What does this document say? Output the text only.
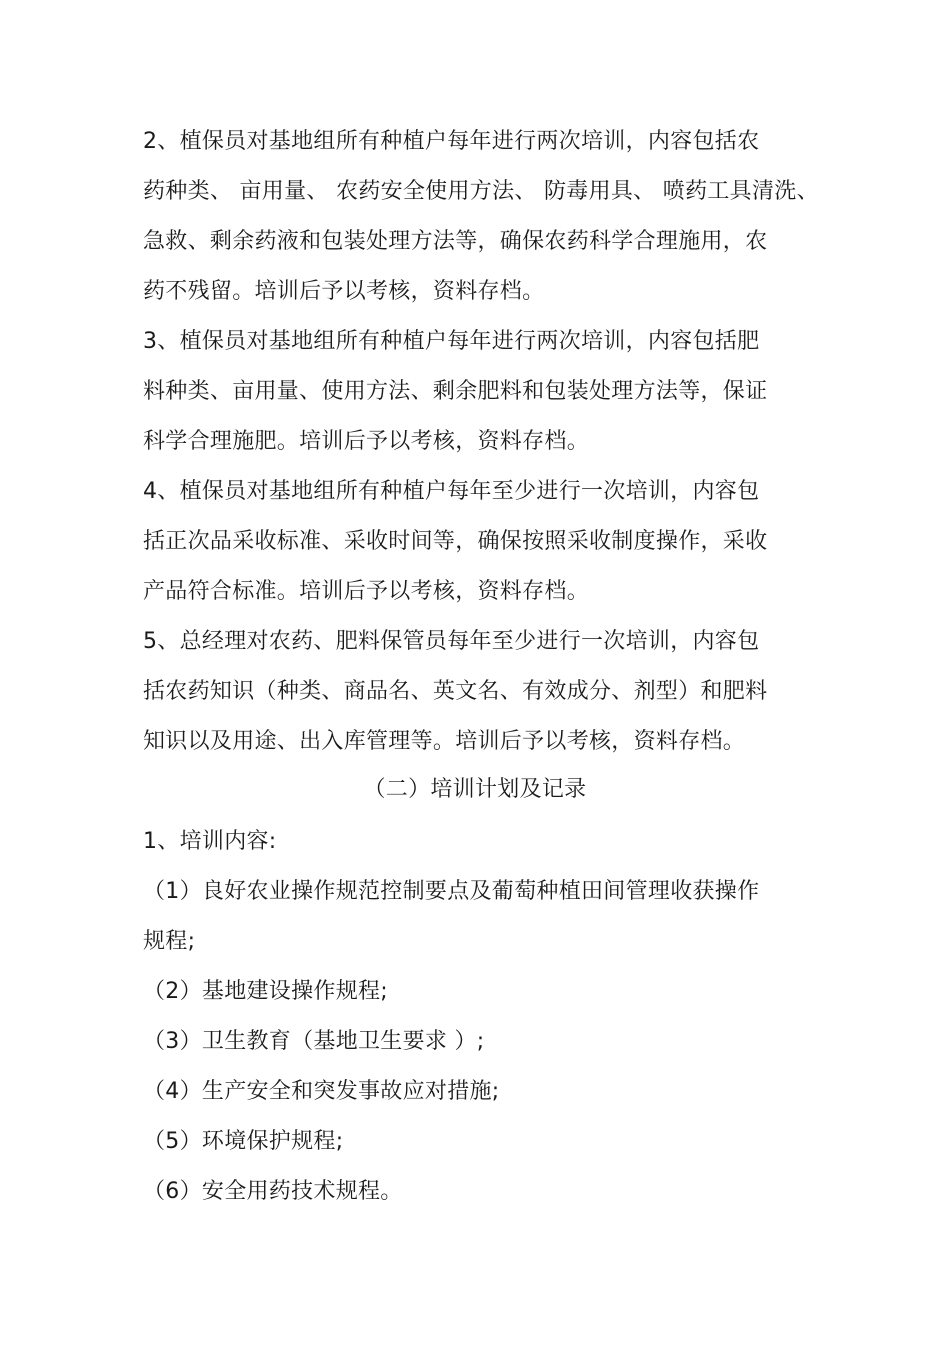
2、植保员对基地组所有种植户每年进行两次培训，内容包括农
药种类、 亩用量、 农药安全使用方法、 防毒用具、 喷药工具清洗、
急救、剩余药液和包装处理方法等，确保农药科学合理施用，农
药不残留。培训后予以考核，资料存档。
3、植保员对基地组所有种植户每年进行两次培训，内容包括肥
料种类、亩用量、使用方法、剩余肥料和包装处理方法等，保证
科学合理施肥。培训后予以考核，资料存档。
4、植保员对基地组所有种植户每年至少进行一次培训，内容包
括正次品采收标准、采收时间等，确保按照采收制度操作，采收
产品符合标准。培训后予以考核，资料存档。
5、总经理对农药、肥料保管员每年至少进行一次培训，内容包
括农药知识（种类、商品名、英文名、有效成分、剂型）和肥料
知识以及用途、出入库管理等。培训后予以考核，资料存档。
（二）培训计划及记录
1、培训内容:
（1）良好农业操作规范控制要点及葡萄种植田间管理收获操作
规程;
（2）基地建设操作规程;
（3）卫生教育（基地卫生要求 ）;
（4）生产安全和突发事故应对措施;
（5）环境保护规程;
（6）安全用药技术规程。
